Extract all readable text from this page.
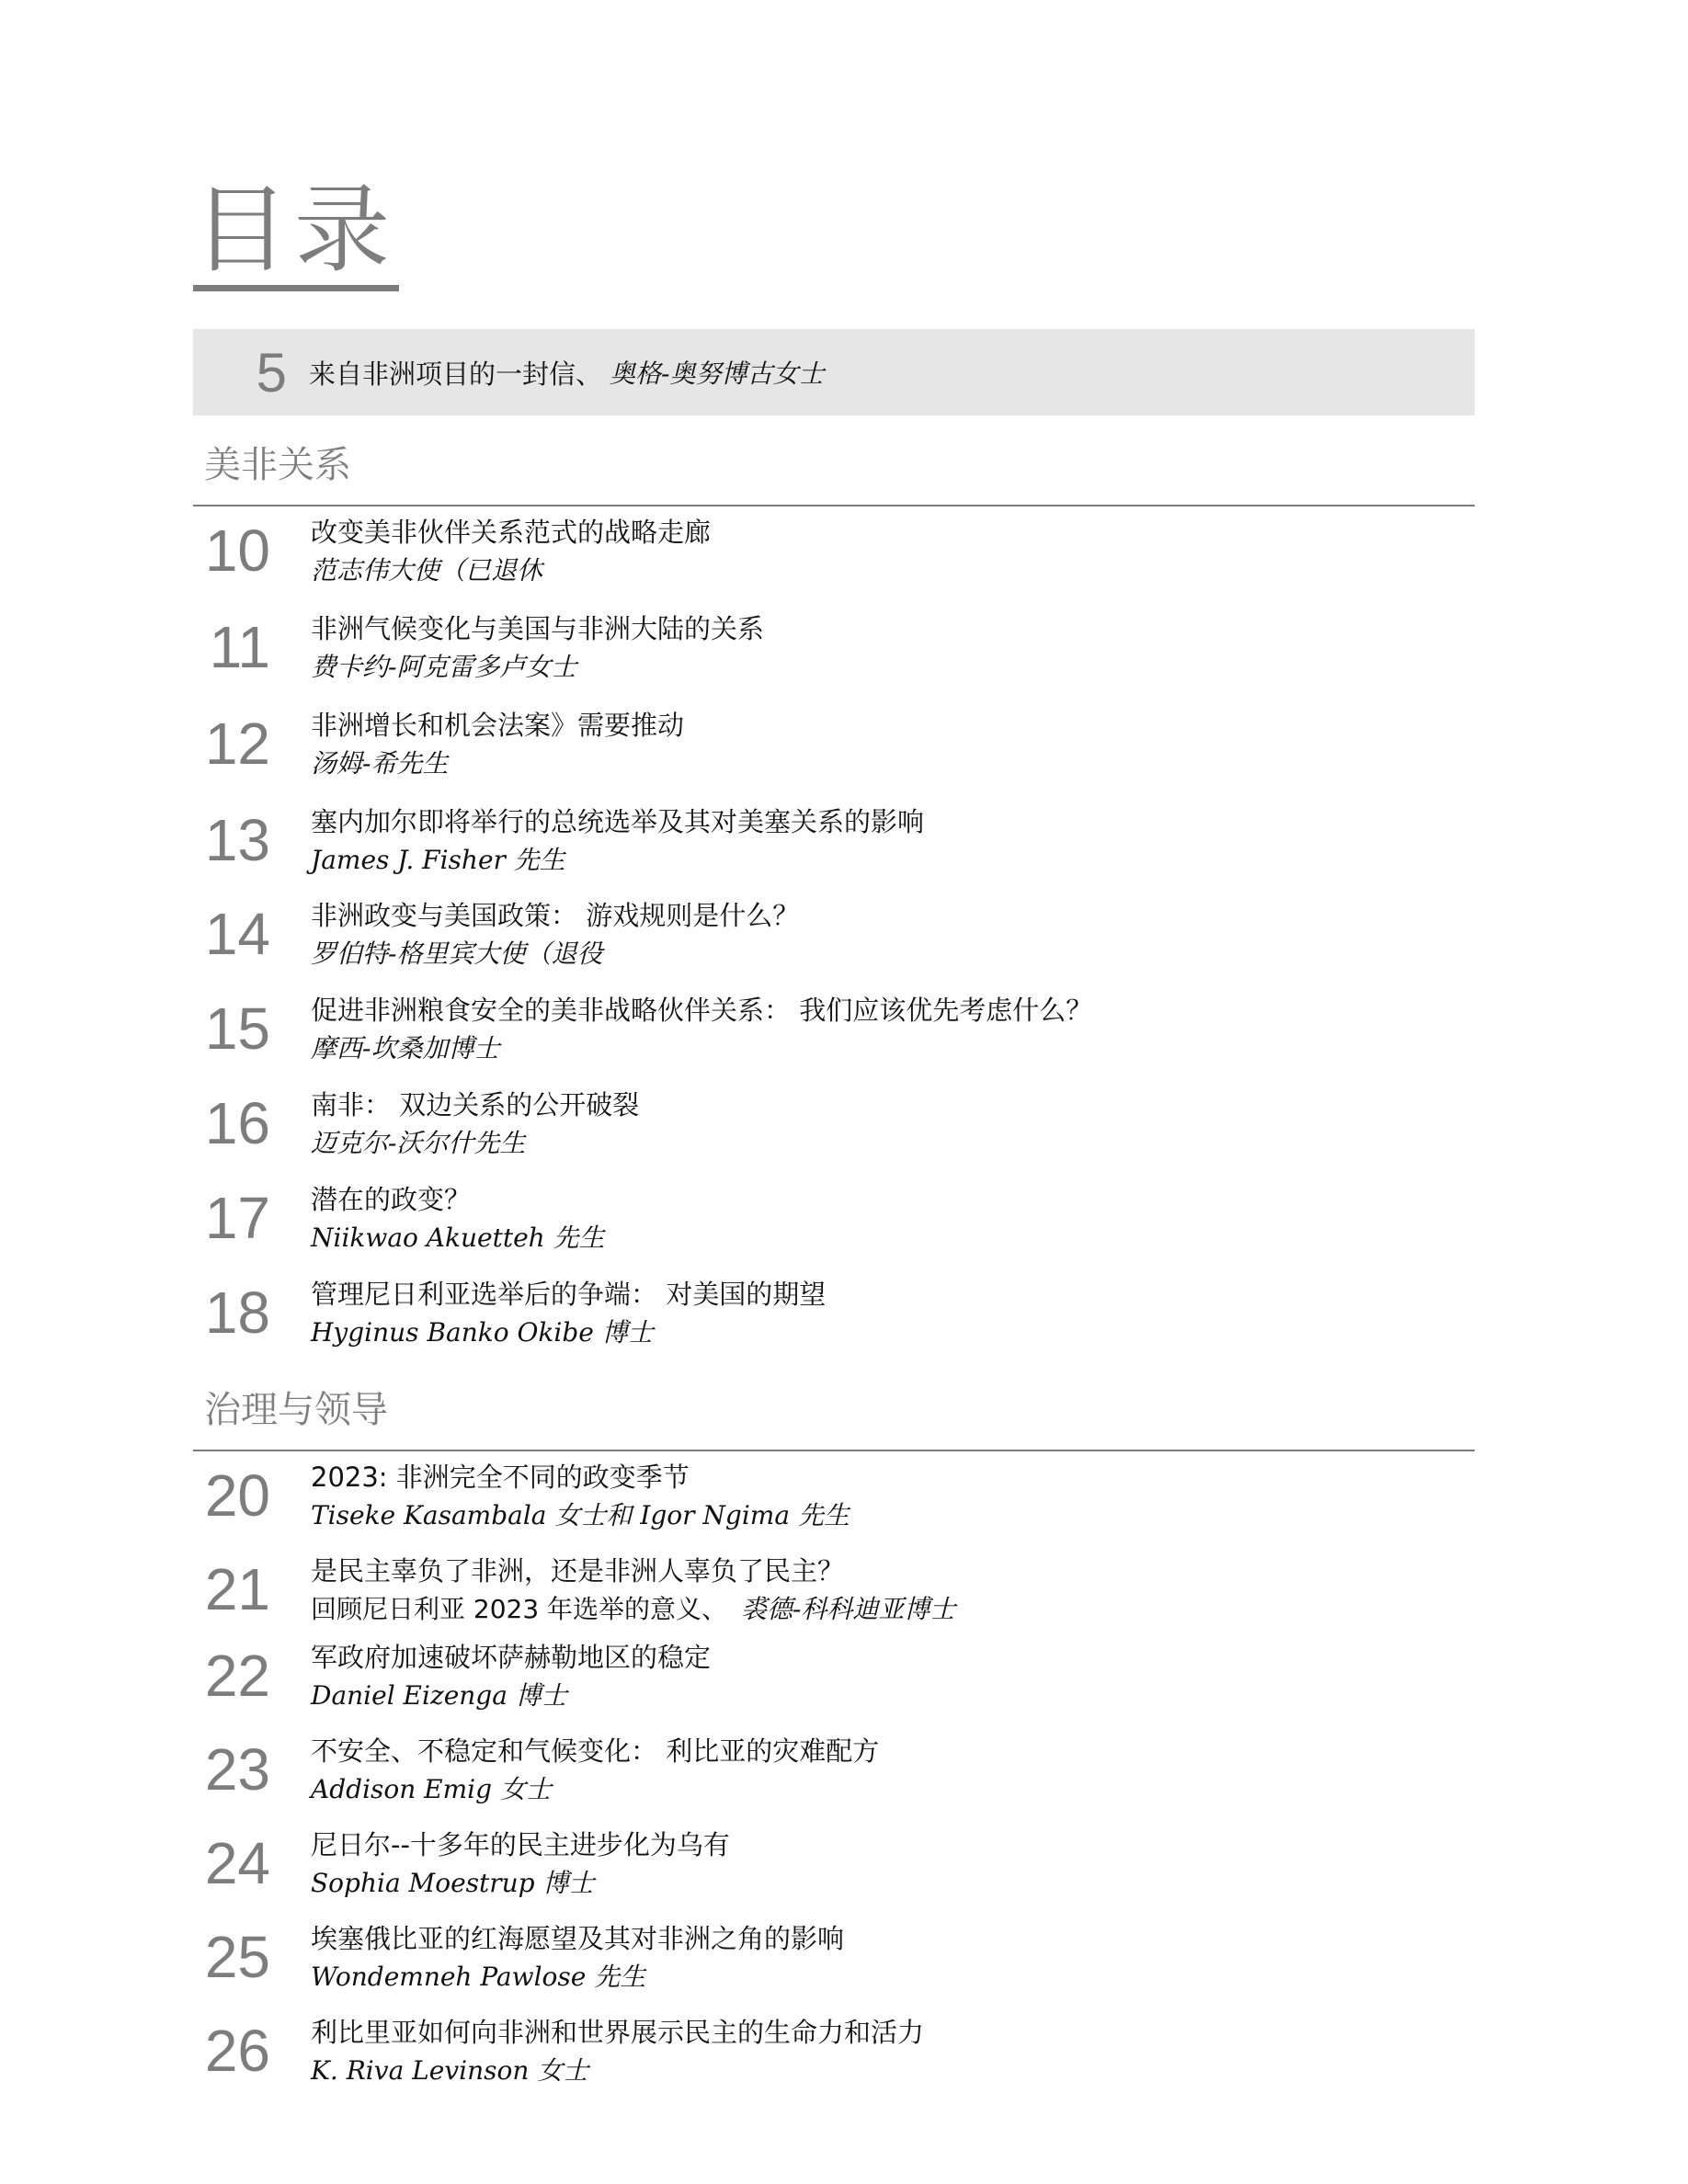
目录
5 来自非洲项目的一封信、 奥格-奥努博古女士
美非关系
10 改变美非伙伴关系范式的战略走廊
范志伟大使（已退休
11 非洲气候变化与美国与非洲大陆的关系
费卡约-阿克雷多卢女士
12 非洲增长和机会法案》需要推动
汤姆-希先生
13 塞内加尔即将举行的总统选举及其对美塞关系的影响
James J. Fisher 先生
14 非洲政变与美国政策： 游戏规则是什么？
罗伯特-格里宾大使（退役
15 促进非洲粮食安全的美非战略伙伴关系： 我们应该优先考虑什么？
摩西-坎桑加博士
16 南非： 双边关系的公开破裂
迈克尔-沃尔什先生
17 潜在的政变？
Niikwao Akuetteh 先生
18 管理尼日利亚选举后的争端： 对美国的期望
Hyginus Banko Okibe 博士
治理与领导
20 2023: 非洲完全不同的政变季节
Tiseke Kasambala 女士和 Igor Ngima 先生
21 是民主辜负了非洲，还是非洲人辜负了民主？
回顾尼日利亚 2023 年选举的意义、 裘德-科科迪亚博士
22 军政府加速破坏萨赫勒地区的稳定
Daniel Eizenga 博士
23 不安全、不稳定和气候变化： 利比亚的灾难配方
Addison Emig 女士
24 尼日尔--十多年的民主进步化为乌有
Sophia Moestrup 博士
25 埃塞俄比亚的红海愿望及其对非洲之角的影响
Wondemneh Pawlose 先生
26 利比里亚如何向非洲和世界展示民主的生命力和活力
K. Riva Levinson 女士
